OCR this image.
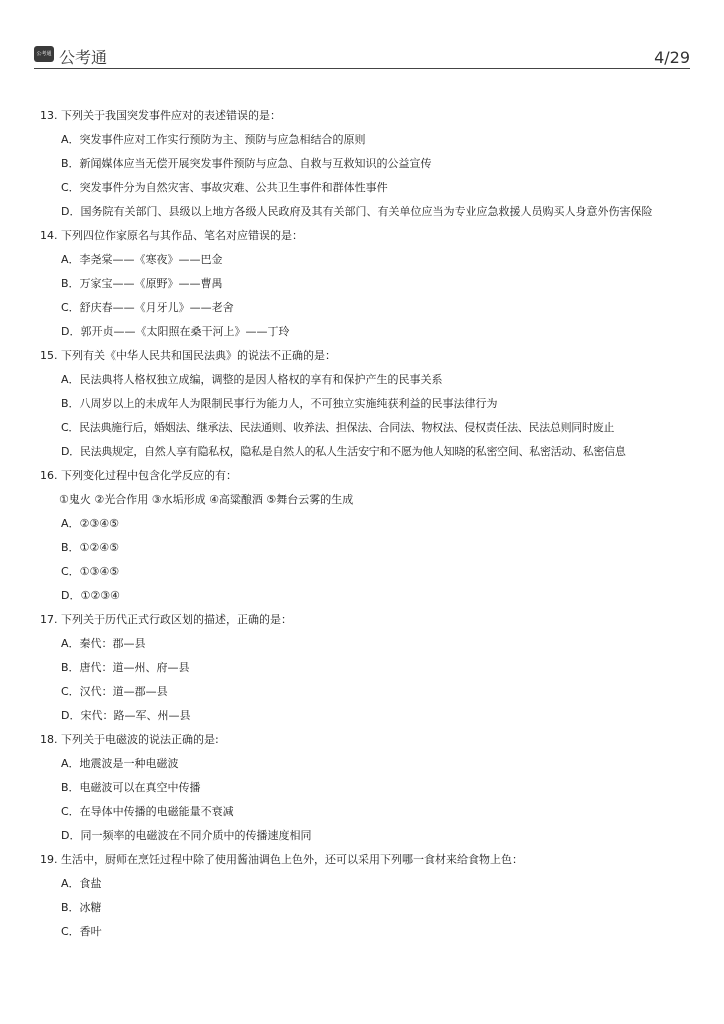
公考通 公考通	4/29
13. 下列关于我国突发事件应对的表述错误的是：
A．突发事件应对工作实行预防为主、预防与应急相结合的原则
B．新闻媒体应当无偿开展突发事件预防与应急、自救与互救知识的公益宣传
C．突发事件分为自然灾害、事故灾难、公共卫生事件和群体性事件
D．国务院有关部门、县级以上地方各级人民政府及其有关部门、有关单位应当为专业应急救援人员购买人身意外伤害保险
14. 下列四位作家原名与其作品、笔名对应错误的是：
A．李尧棠——《寒夜》——巴金
B．万家宝——《原野》——曹禺
C．舒庆春——《月牙儿》——老舍
D．郭开贞——《太阳照在桑干河上》——丁玲
15. 下列有关《中华人民共和国民法典》的说法不正确的是：
A．民法典将人格权独立成编，调整的是因人格权的享有和保护产生的民事关系
B．八周岁以上的未成年人为限制民事行为能力人，不可独立实施纯获利益的民事法律行为
C．民法典施行后，婚姻法、继承法、民法通则、收养法、担保法、合同法、物权法、侵权责任法、民法总则同时废止
D．民法典规定，自然人享有隐私权，隐私是自然人的私人生活安宁和不愿为他人知晓的私密空间、私密活动、私密信息
16. 下列变化过程中包含化学反应的有：
①鬼火 ②光合作用 ③水垢形成 ④高粱酿酒 ⑤舞台云雾的生成
A．②③④⑤
B．①②④⑤
C．①③④⑤
D．①②③④
17. 下列关于历代正式行政区划的描述，正确的是：
A．秦代：郡—县
B．唐代：道—州、府—县
C．汉代：道—郡—县
D．宋代：路—军、州—县
18. 下列关于电磁波的说法正确的是:
A．地震波是一种电磁波
B．电磁波可以在真空中传播
C．在导体中传播的电磁能量不衰减
D．同一频率的电磁波在不同介质中的传播速度相同
19. 生活中，厨师在烹饪过程中除了使用酱油调色上色外，还可以采用下列哪一食材来给食物上色：
A．食盐
B．冰糖
C．香叶
